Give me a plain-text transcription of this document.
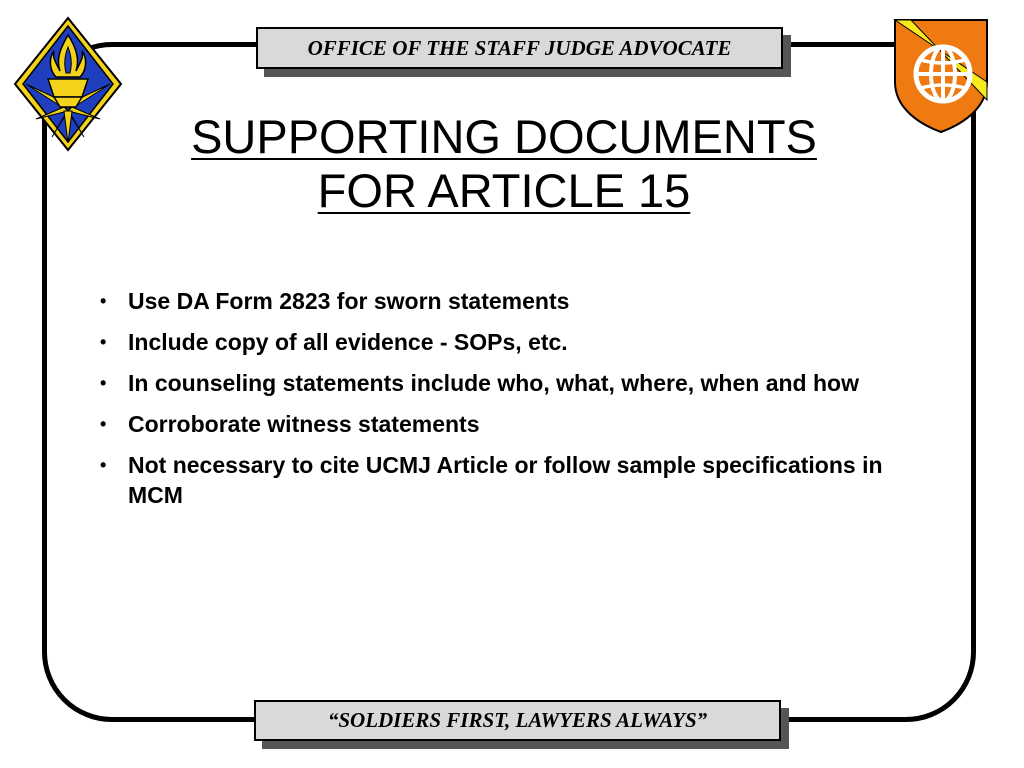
OFFICE OF THE STAFF JUDGE ADVOCATE
SUPPORTING DOCUMENTS
FOR ARTICLE 15
• Use DA Form 2823 for sworn statements
• Include copy of all evidence - SOPs, etc.
• In counseling statements include who, what, where, when and how
• Corroborate witness statements
• Not necessary to cite UCMJ Article or follow sample specifications in MCM
“SOLDIERS FIRST, LAWYERS ALWAYS”
